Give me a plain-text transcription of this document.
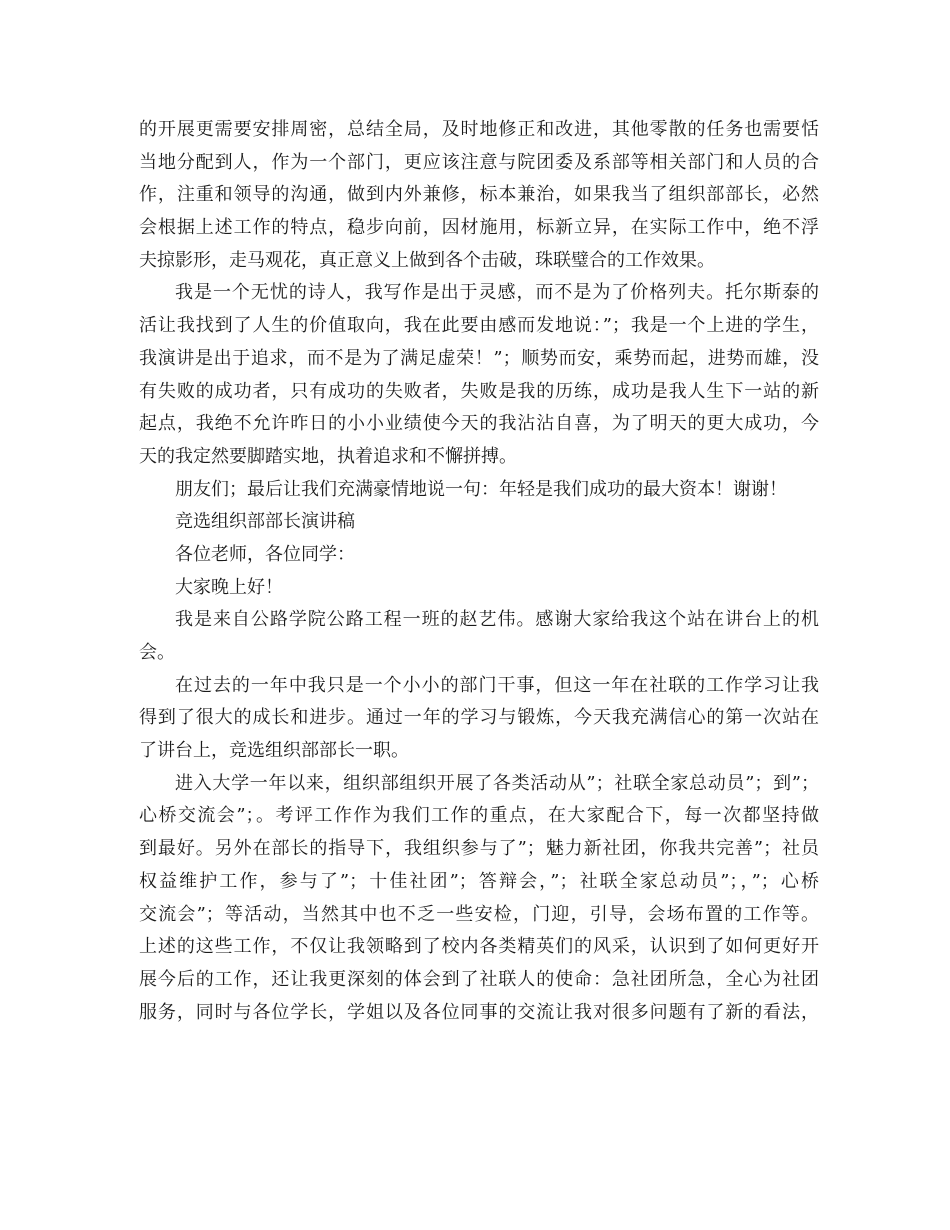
的开展更需要安排周密，总结全局，及时地修正和改进，其他零散的任务也需要恬
当地分配到人，作为一个部门，更应该注意与院团委及系部等相关部门和人员的合
作，注重和领导的沟通，做到内外兼修，标本兼治，如果我当了组织部部长，必然
会根据上述工作的特点，稳步向前，因材施用，标新立异，在实际工作中，绝不浮
夫掠影形，走马观花，真正意义上做到各个击破，珠联璧合的工作效果。
我是一个无忧的诗人，我写作是出于灵感，而不是为了价格列夫。托尔斯泰的
活让我找到了人生的价值取向，我在此要由感而发地说：”；我是一个上进的学生，
我演讲是出于追求，而不是为了满足虚荣！”；顺势而安，乘势而起，进势而雄，没
有失败的成功者，只有成功的失败者，失败是我的历练，成功是我人生下一站的新
起点，我绝不允许昨日的小小业绩使今天的我沾沾自喜，为了明天的更大成功，今
天的我定然要脚踏实地，执着追求和不懈拼搏。
朋友们；最后让我们充满豪情地说一句：年轻是我们成功的最大资本！谢谢！
竞选组织部部长演讲稿
各位老师，各位同学：
大家晚上好！
我是来自公路学院公路工程一班的赵艺伟。感谢大家给我这个站在讲台上的机
会。
在过去的一年中我只是一个小小的部门干事，但这一年在社联的工作学习让我
得到了很大的成长和进步。通过一年的学习与锻炼，今天我充满信心的第一次站在
了讲台上，竞选组织部部长一职。
进入大学一年以来，组织部组织开展了各类活动从”；社联全家总动员”；到”；
心桥交流会”；。考评工作作为我们工作的重点，在大家配合下，每一次都坚持做
到最好。另外在部长的指导下，我组织参与了”；魅力新社团，你我共完善”；社员
权益维护工作，参与了”；十佳社团”；答辩会，”；社联全家总动员”；，”；心桥
交流会”；等活动，当然其中也不乏一些安检，门迎，引导，会场布置的工作等。
上述的这些工作，不仅让我领略到了校内各类精英们的风采，认识到了如何更好开
展今后的工作，还让我更深刻的体会到了社联人的使命：急社团所急，全心为社团
服务，同时与各位学长，学姐以及各位同事的交流让我对很多问题有了新的看法，
